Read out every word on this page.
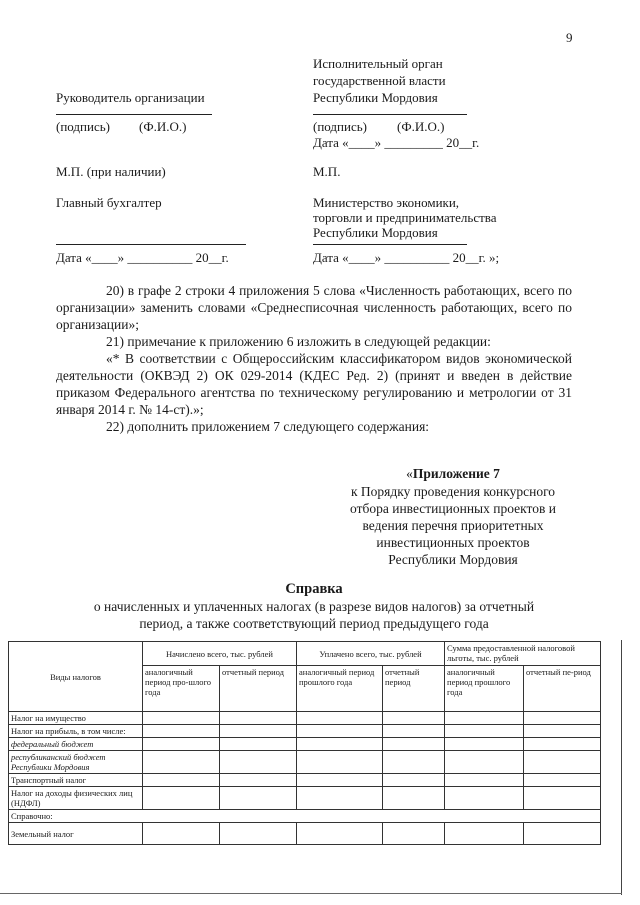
9
Исполнительный орган
государственной власти
Республики Мордовия
(подпись) (Ф.И.О.)
Дата «____» _________ 20__г.
М.П.
Министерство экономики,
торговли и предпринимательства
Республики Мордовия
Дата «____» __________ 20__г. »;
Руководитель организации
(подпись) (Ф.И.О.)
М.П. (при наличии)
Главный бухгалтер
Дата «____» __________ 20__г.
20) в графе 2 строки 4 приложения 5 слова «Численность работающих, всего по организации» заменить словами «Среднесписочная численность работающих, всего по организации»;
21) примечание к приложению 6 изложить в следующей редакции:
«* В соответствии с Общероссийским классификатором видов экономической деятельности (ОКВЭД 2) ОК 029-2014 (КДЕС Ред. 2) (принят и введен в действие приказом Федерального агентства по техническому регулированию и метрологии от 31 января 2014 г. № 14-ст).»;
22) дополнить приложением 7 следующего содержания:
«Приложение 7
к Порядку проведения конкурсного
отбора инвестиционных проектов и
ведения перечня приоритетных
инвестиционных проектов
Республики Мордовия
Справка
о начисленных и уплаченных налогах (в разрезе видов налогов) за отчетный
период, а также соответствующий период предыдущего года
Виды налогов	Начислено всего, тыс. рублей		Уплачено всего, тыс. рублей		Сумма предоставленной налоговой льготы, тыс. рублей	
	аналогичный период про-шлого года	отчетный период	аналогичный период прошлого года	отчетный период	аналогичный период прошлого года	отчетный пе-риод
Налог на имущество						
Налог на прибыль, в том числе:						
федеральный бюджет						
республиканский бюджет Республики Мордовия						
Транспортный налог						
Налог на доходы физических лиц (НДФЛ)						
Справочно:						
Земельный налог						
